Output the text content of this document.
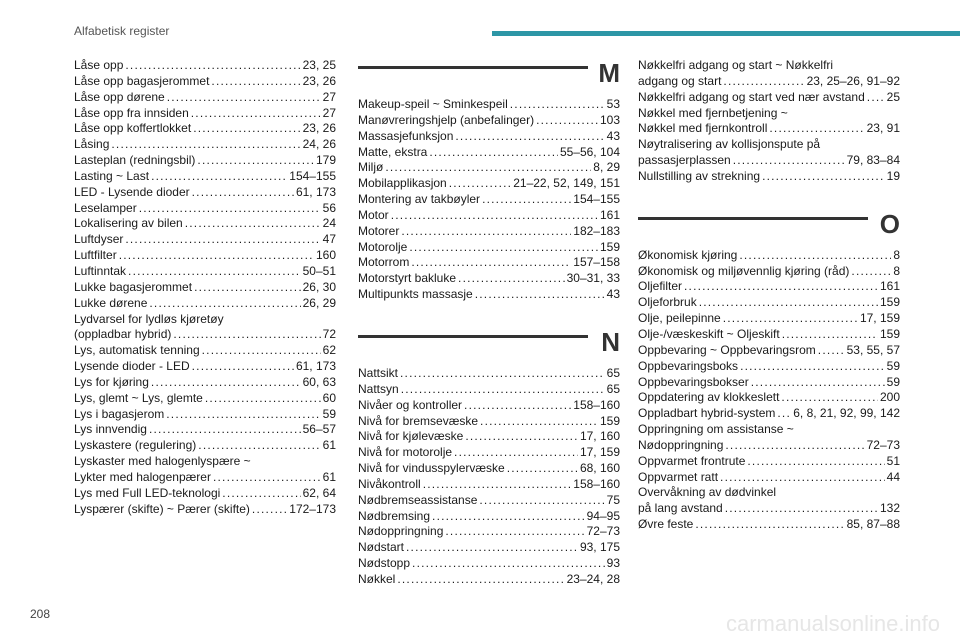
Alfabetisk register
Låse opp .....	23, 25
Låse opp bagasjerommet .....	23, 26
Låse opp dørene .....	27
Låse opp fra innsiden .....	27
Låse opp koffertlokket .....	23, 26
Låsing .....	24, 26
Lasteplan (redningsbil) .....	179
Lasting ~ Last .....	154–155
LED - Lysende dioder .....	61, 173
Leselamper .....	56
Lokalisering av bilen .....	24
Luftdyser .....	47
Luftfilter .....	160
Luftinntak .....	50–51
Lukke bagasjerommet .....	26, 30
Lukke dørene .....	26, 29
Lydvarsel for lydløs kjøretøy
(oppladbar hybrid) .....	72
Lys, automatisk tenning .....	62
Lysende dioder - LED .....	61, 173
Lys for kjøring .....	60, 63
Lys, glemt ~ Lys, glemte .....	60
Lys i bagasjerom .....	59
Lys innvendig .....	56–57
Lyskastere (regulering) .....	61
Lyskaster med halogenlyspære ~
Lykter med halogenpærer .....	61
Lys med Full LED-teknologi .....	62, 64
Lyspærer (skifte) ~ Pærer (skifte) .....	172–173
M
Makeup-speil ~ Sminkespeil .....	53
Manøvreringshjelp (anbefalinger) .....	103
Massasjefunksjon .....	43
Matte, ekstra .....	55–56, 104
Miljø .....	8, 29
Mobilapplikasjon .....	21–22, 52, 149, 151
Montering av takbøyler .....	154–155
Motor .....	161
Motorer .....	182–183
Motorolje .....	159
Motorrom .....	157–158
Motorstyrt bakluke .....	30–31, 33
Multipunkts massasje .....	43
N
Nattsikt .....	65
Nattsyn .....	65
Nivåer og kontroller .....	158–160
Nivå for bremsevæske .....	159
Nivå for kjølevæske .....	17, 160
Nivå for motorolje .....	17, 159
Nivå for vindusspylervæske .....	68, 160
Nivåkontroll .....	158–160
Nødbremseassistanse .....	75
Nødbremsing .....	94–95
Nødoppringning .....	72–73
Nødstart .....	93, 175
Nødstopp .....	93
Nøkkel .....	23–24, 28
Nøkkelfri adgang og start ~ Nøkkelfri
adgang og start .....	23, 25–26, 91–92
Nøkkelfri adgang og start ved nær avstand ..... 25
Nøkkel med fjernbetjening ~
Nøkkel med fjernkontroll .....	23, 91
Nøytralisering av kollisjonspute på
passasjerplassen .....	79, 83–84
Nullstilling av strekning .....	19
O
Økonomisk kjøring .....	8
Økonomisk og miljøvennlig kjøring (råd) .....	8
Oljefilter .....	161
Oljeforbruk .....	159
Olje, peilepinne .....	17, 159
Olje-/væskeskift ~ Oljeskift .....	159
Oppbevaring ~ Oppbevaringsrom .....	53, 55, 57
Oppbevaringsboks .....	59
Oppbevaringsbokser .....	59
Oppdatering av klokkeslett .....	200
Oppladbart hybrid-system ..... 6, 8, 21, 92, 99, 142
Oppringning om assistanse ~
Nødoppringning .....	72–73
Oppvarmet frontrute .....	51
Oppvarmet ratt .....	44
Overvåkning av dødvinkel
på lang avstand .....	132
Øvre feste .....	85, 87–88
208	carmanualsonline.info
